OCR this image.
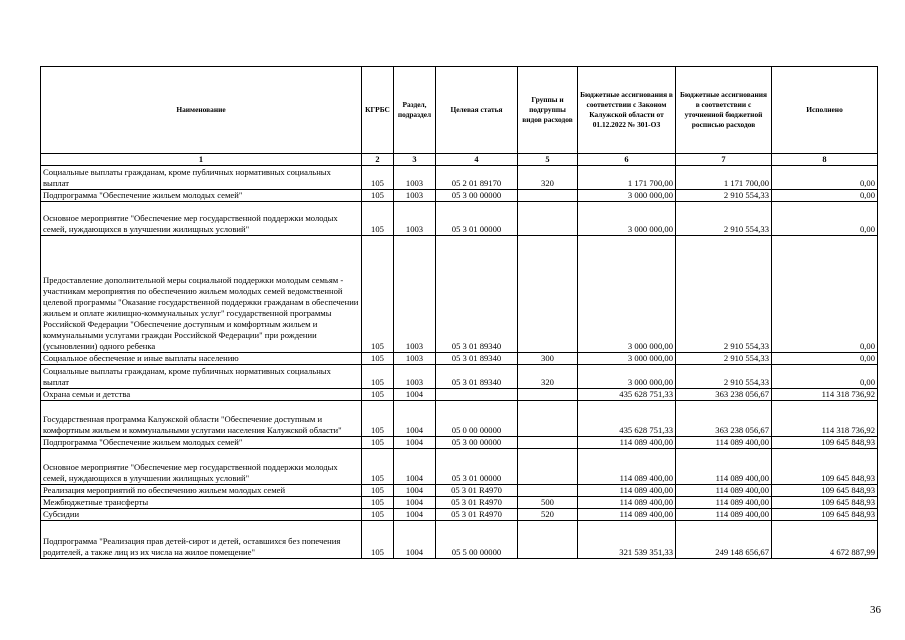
Наименование	КГРБС	Раздел, подраздел	Целевая статья	Группы и подгруппы видов расходов	Бюджетные ассигнования в соответствии с Законом Калужской области от 01.12.2022 № 301-ОЗ	Бюджетные ассигнования в соответствии с уточненной бюджетной росписью расходов	Исполнено
1	2	3	4	5	6	7	8
Социальные выплаты гражданам, кроме публичных нормативных социальных выплат	105	1003	05 2 01 89170	320	1 171 700,00	1 171 700,00	0,00
Подпрограмма "Обеспечение жильем молодых семей"	105	1003	05 3 00 00000		3 000 000,00	2 910 554,33	0,00
Основное мероприятие "Обеспечение мер государственной поддержки молодых семей, нуждающихся в улучшении жилищных условий"	105	1003	05 3 01 00000		3 000 000,00	2 910 554,33	0,00
Предоставление дополнительной меры социальной поддержки молодым семьям - участникам мероприятия по обеспечению жильем молодых семей ведомственной целевой программы "Оказание государственной поддержки гражданам в обеспечении жильем и оплате жилищно-коммунальных услуг" государственной программы Российской Федерации "Обеспечение доступным и комфортным жильем и коммунальными услугами граждан Российской Федерации" при рождении (усыновлении) одного ребенка	105	1003	05 3 01 89340		3 000 000,00	2 910 554,33	0,00
Социальное обеспечение и иные выплаты населению	105	1003	05 3 01 89340	300	3 000 000,00	2 910 554,33	0,00
Социальные выплаты гражданам, кроме публичных нормативных социальных выплат	105	1003	05 3 01 89340	320	3 000 000,00	2 910 554,33	0,00
Охрана семьи и детства	105	1004			435 628 751,33	363 238 056,67	114 318 736,92
Государственная программа Калужской области "Обеспечение доступным и комфортным жильем и коммунальными услугами населения Калужской области"	105	1004	05 0 00 00000		435 628 751,33	363 238 056,67	114 318 736,92
Подпрограмма "Обеспечение жильем молодых семей"	105	1004	05 3 00 00000		114 089 400,00	114 089 400,00	109 645 848,93
Основное мероприятие "Обеспечение мер государственной поддержки молодых семей, нуждающихся в улучшении жилищных условий"	105	1004	05 3 01 00000		114 089 400,00	114 089 400,00	109 645 848,93
Реализация мероприятий по обеспечению жильем молодых семей	105	1004	05 3 01 R4970		114 089 400,00	114 089 400,00	109 645 848,93
Межбюджетные трансферты	105	1004	05 3 01 R4970	500	114 089 400,00	114 089 400,00	109 645 848,93
Субсидии	105	1004	05 3 01 R4970	520	114 089 400,00	114 089 400,00	109 645 848,93
Подпрограмма "Реализация прав детей-сирот и детей, оставшихся без попечения родителей, а также лиц из их числа на жилое помещение"	105	1004	05 5 00 00000		321 539 351,33	249 148 656,67	4 672 887,99
36
